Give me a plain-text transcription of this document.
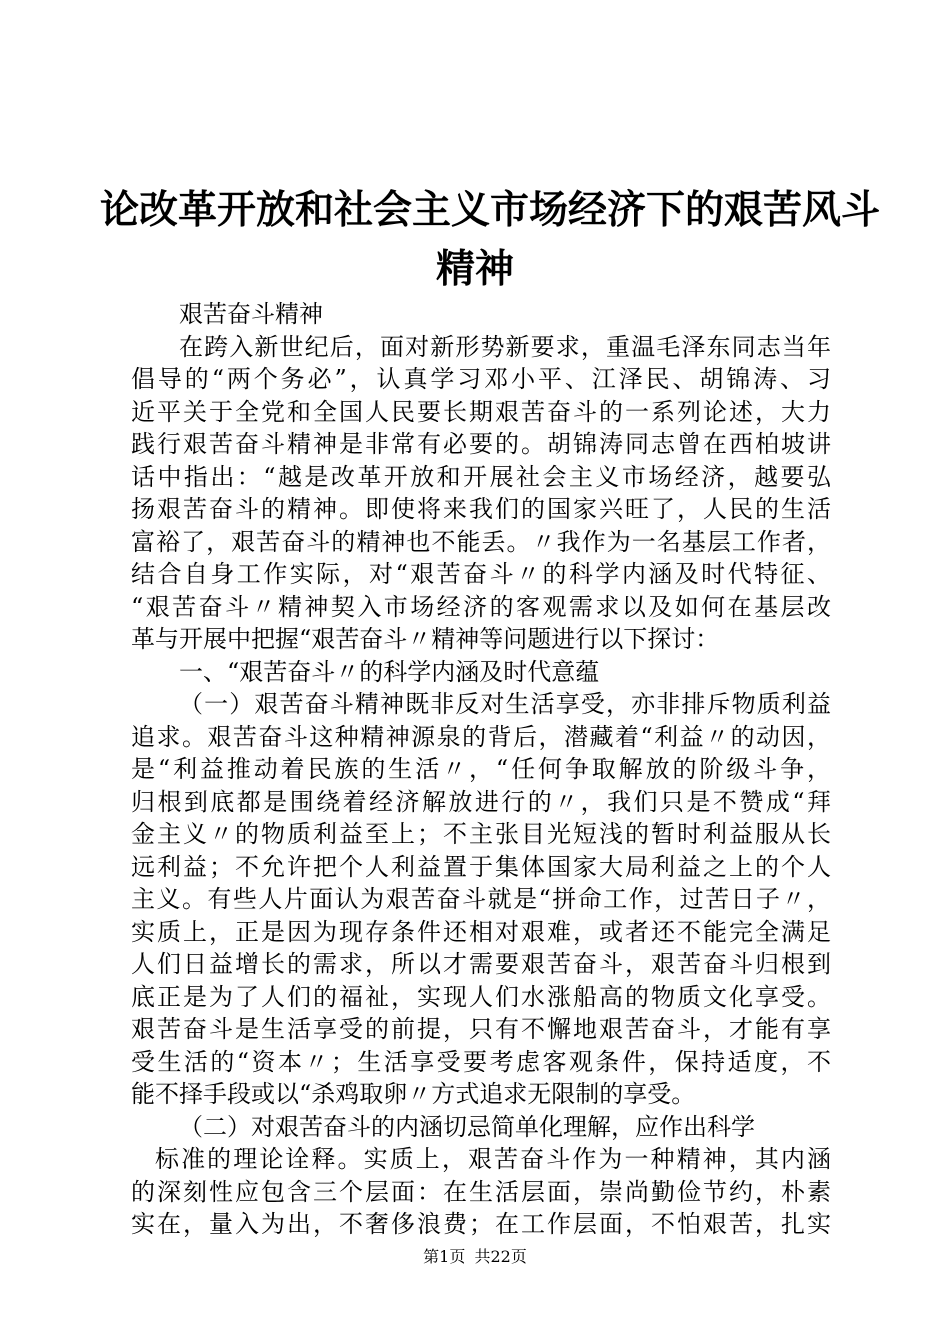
论改革开放和社会主义市场经济下的艰苦风斗
精神
艰苦奋斗精神
在跨入新世纪后，面对新形势新要求，重温毛泽东同志当年
倡导的“两个务必”，认真学习邓小平、江泽民、胡锦涛、习
近平关于全党和全国人民要长期艰苦奋斗的一系列论述，大力
践行艰苦奋斗精神是非常有必要的。胡锦涛同志曾在西柏坡讲
话中指出：“越是改革开放和开展社会主义市场经济，越要弘
扬艰苦奋斗的精神。即使将来我们的国家兴旺了，人民的生活
富裕了，艰苦奋斗的精神也不能丢。〃我作为一名基层工作者，
结合自身工作实际，对“艰苦奋斗〃的科学内涵及时代特征、
“艰苦奋斗〃精神契入市场经济的客观需求以及如何在基层改
革与开展中把握“艰苦奋斗〃精神等问题进行以下探讨：
一、“艰苦奋斗〃的科学内涵及时代意蕴
（一）艰苦奋斗精神既非反对生活享受，亦非排斥物质利益
追求。艰苦奋斗这种精神源泉的背后，潜藏着“利益〃的动因，
是“利益推动着民族的生活〃，“任何争取解放的阶级斗争，
归根到底都是围绕着经济解放进行的〃，我们只是不赞成“拜
金主义〃的物质利益至上；不主张目光短浅的暂时利益服从长
远利益；不允许把个人利益置于集体国家大局利益之上的个人
主义。有些人片面认为艰苦奋斗就是“拼命工作，过苦日子〃，
实质上，正是因为现存条件还相对艰难，或者还不能完全满足
人们日益增长的需求，所以才需要艰苦奋斗，艰苦奋斗归根到
底正是为了人们的福祉，实现人们水涨船高的物质文化享受。
艰苦奋斗是生活享受的前提，只有不懈地艰苦奋斗，才能有享
受生活的“资本〃；生活享受要考虑客观条件，保持适度，不
能不择手段或以“杀鸡取卵〃方式追求无限制的享受。
（二）对艰苦奋斗的内涵切忌简单化理解，应作出科学
标准的理论诠释。实质上，艰苦奋斗作为一种精神，其内涵
的深刻性应包含三个层面：在生活层面，崇尚勤俭节约，朴素
实在，量入为出，不奢侈浪费；在工作层面，不怕艰苦，扎实
第1页 共22页
